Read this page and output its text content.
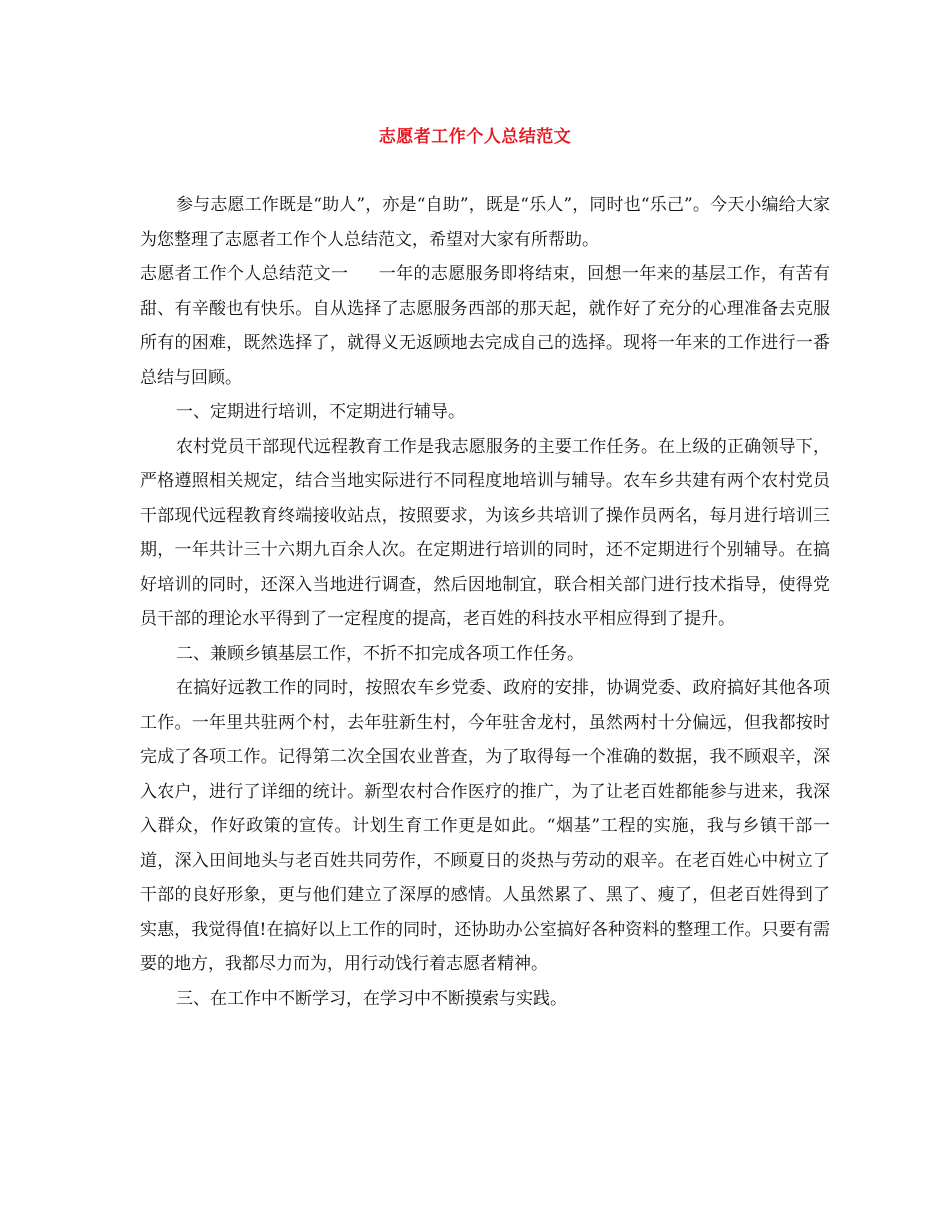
志愿者工作个人总结范文

参与志愿工作既是“助人”，亦是“自助”，既是“乐人”，同时也“乐己”。今天小编给大家为您整理了志愿者工作个人总结范文，希望对大家有所帮助。

志愿者工作个人总结范文一 一年的志愿服务即将结束，回想一年来的基层工作，有苦有甜、有辛酸也有快乐。自从选择了志愿服务西部的那天起，就作好了充分的心理准备去克服所有的困难，既然选择了，就得义无返顾地去完成自己的选择。现将一年来的工作进行一番总结与回顾。

一、定期进行培训，不定期进行辅导。

农村党员干部现代远程教育工作是我志愿服务的主要工作任务。在上级的正确领导下，严格遵照相关规定，结合当地实际进行不同程度地培训与辅导。农车乡共建有两个农村党员干部现代远程教育终端接收站点，按照要求，为该乡共培训了操作员两名，每月进行培训三期，一年共计三十六期九百余人次。在定期进行培训的同时，还不定期进行个别辅导。在搞好培训的同时，还深入当地进行调查，然后因地制宜，联合相关部门进行技术指导，使得党员干部的理论水平得到了一定程度的提高，老百姓的科技水平相应得到了提升。

二、兼顾乡镇基层工作，不折不扣完成各项工作任务。

在搞好远教工作的同时，按照农车乡党委、政府的安排，协调党委、政府搞好其他各项工作。一年里共驻两个村，去年驻新生村，今年驻舍龙村，虽然两村十分偏远，但我都按时完成了各项工作。记得第二次全国农业普查，为了取得每一个准确的数据，我不顾艰辛，深入农户，进行了详细的统计。新型农村合作医疗的推广，为了让老百姓都能参与进来，我深入群众，作好政策的宣传。计划生育工作更是如此。“烟基”工程的实施，我与乡镇干部一道，深入田间地头与老百姓共同劳作，不顾夏日的炎热与劳动的艰辛。在老百姓心中树立了干部的良好形象，更与他们建立了深厚的感情。人虽然累了、黑了、瘦了，但老百姓得到了实惠，我觉得值!在搞好以上工作的同时，还协助办公室搞好各种资料的整理工作。只要有需要的地方，我都尽力而为，用行动饯行着志愿者精神。

三、在工作中不断学习，在学习中不断摸索与实践。
